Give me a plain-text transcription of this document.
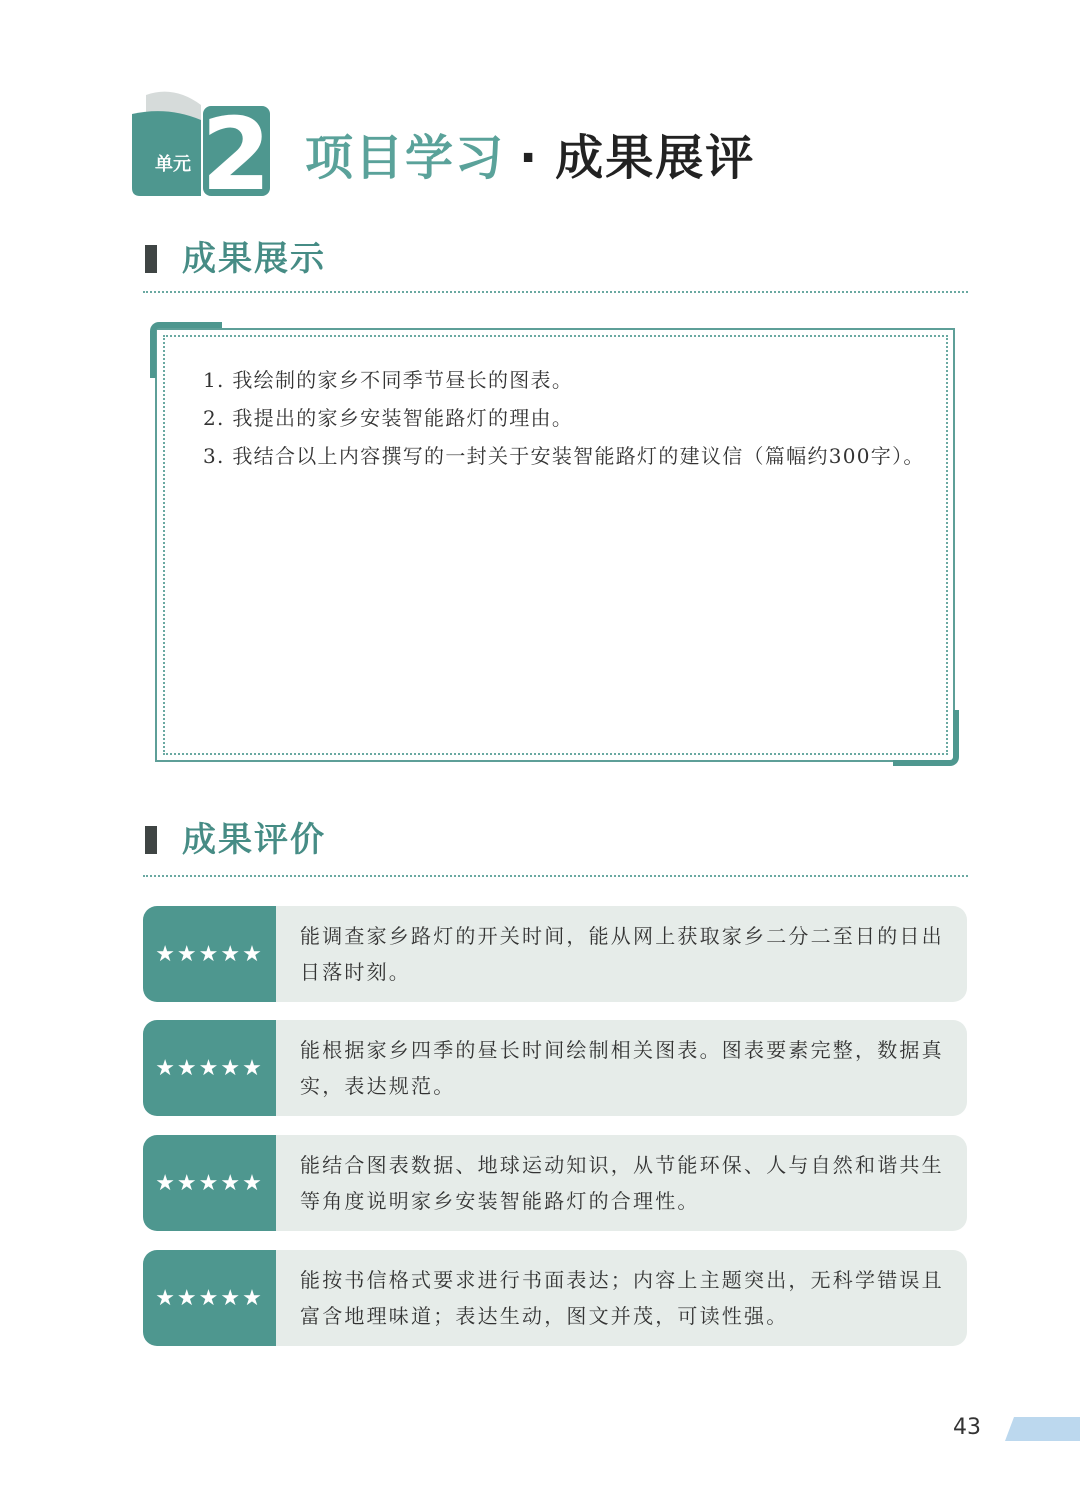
单元 2 项目学习 · 成果展评
成果展示
1. 我绘制的家乡不同季节昼长的图表。
2. 我提出的家乡安装智能路灯的理由。
3. 我结合以上内容撰写的一封关于安装智能路灯的建议信（篇幅约300字）。
成果评价
★★★★★
能调查家乡路灯的开关时间，能从网上获取家乡二分二至日的日出
日落时刻。
★★★★★
能根据家乡四季的昼长时间绘制相关图表。图表要素完整，数据真
实，表达规范。
★★★★★
能结合图表数据、地球运动知识，从节能环保、人与自然和谐共生
等角度说明家乡安装智能路灯的合理性。
★★★★★
能按书信格式要求进行书面表达；内容上主题突出，无科学错误且
富含地理味道；表达生动，图文并茂，可读性强。
43
